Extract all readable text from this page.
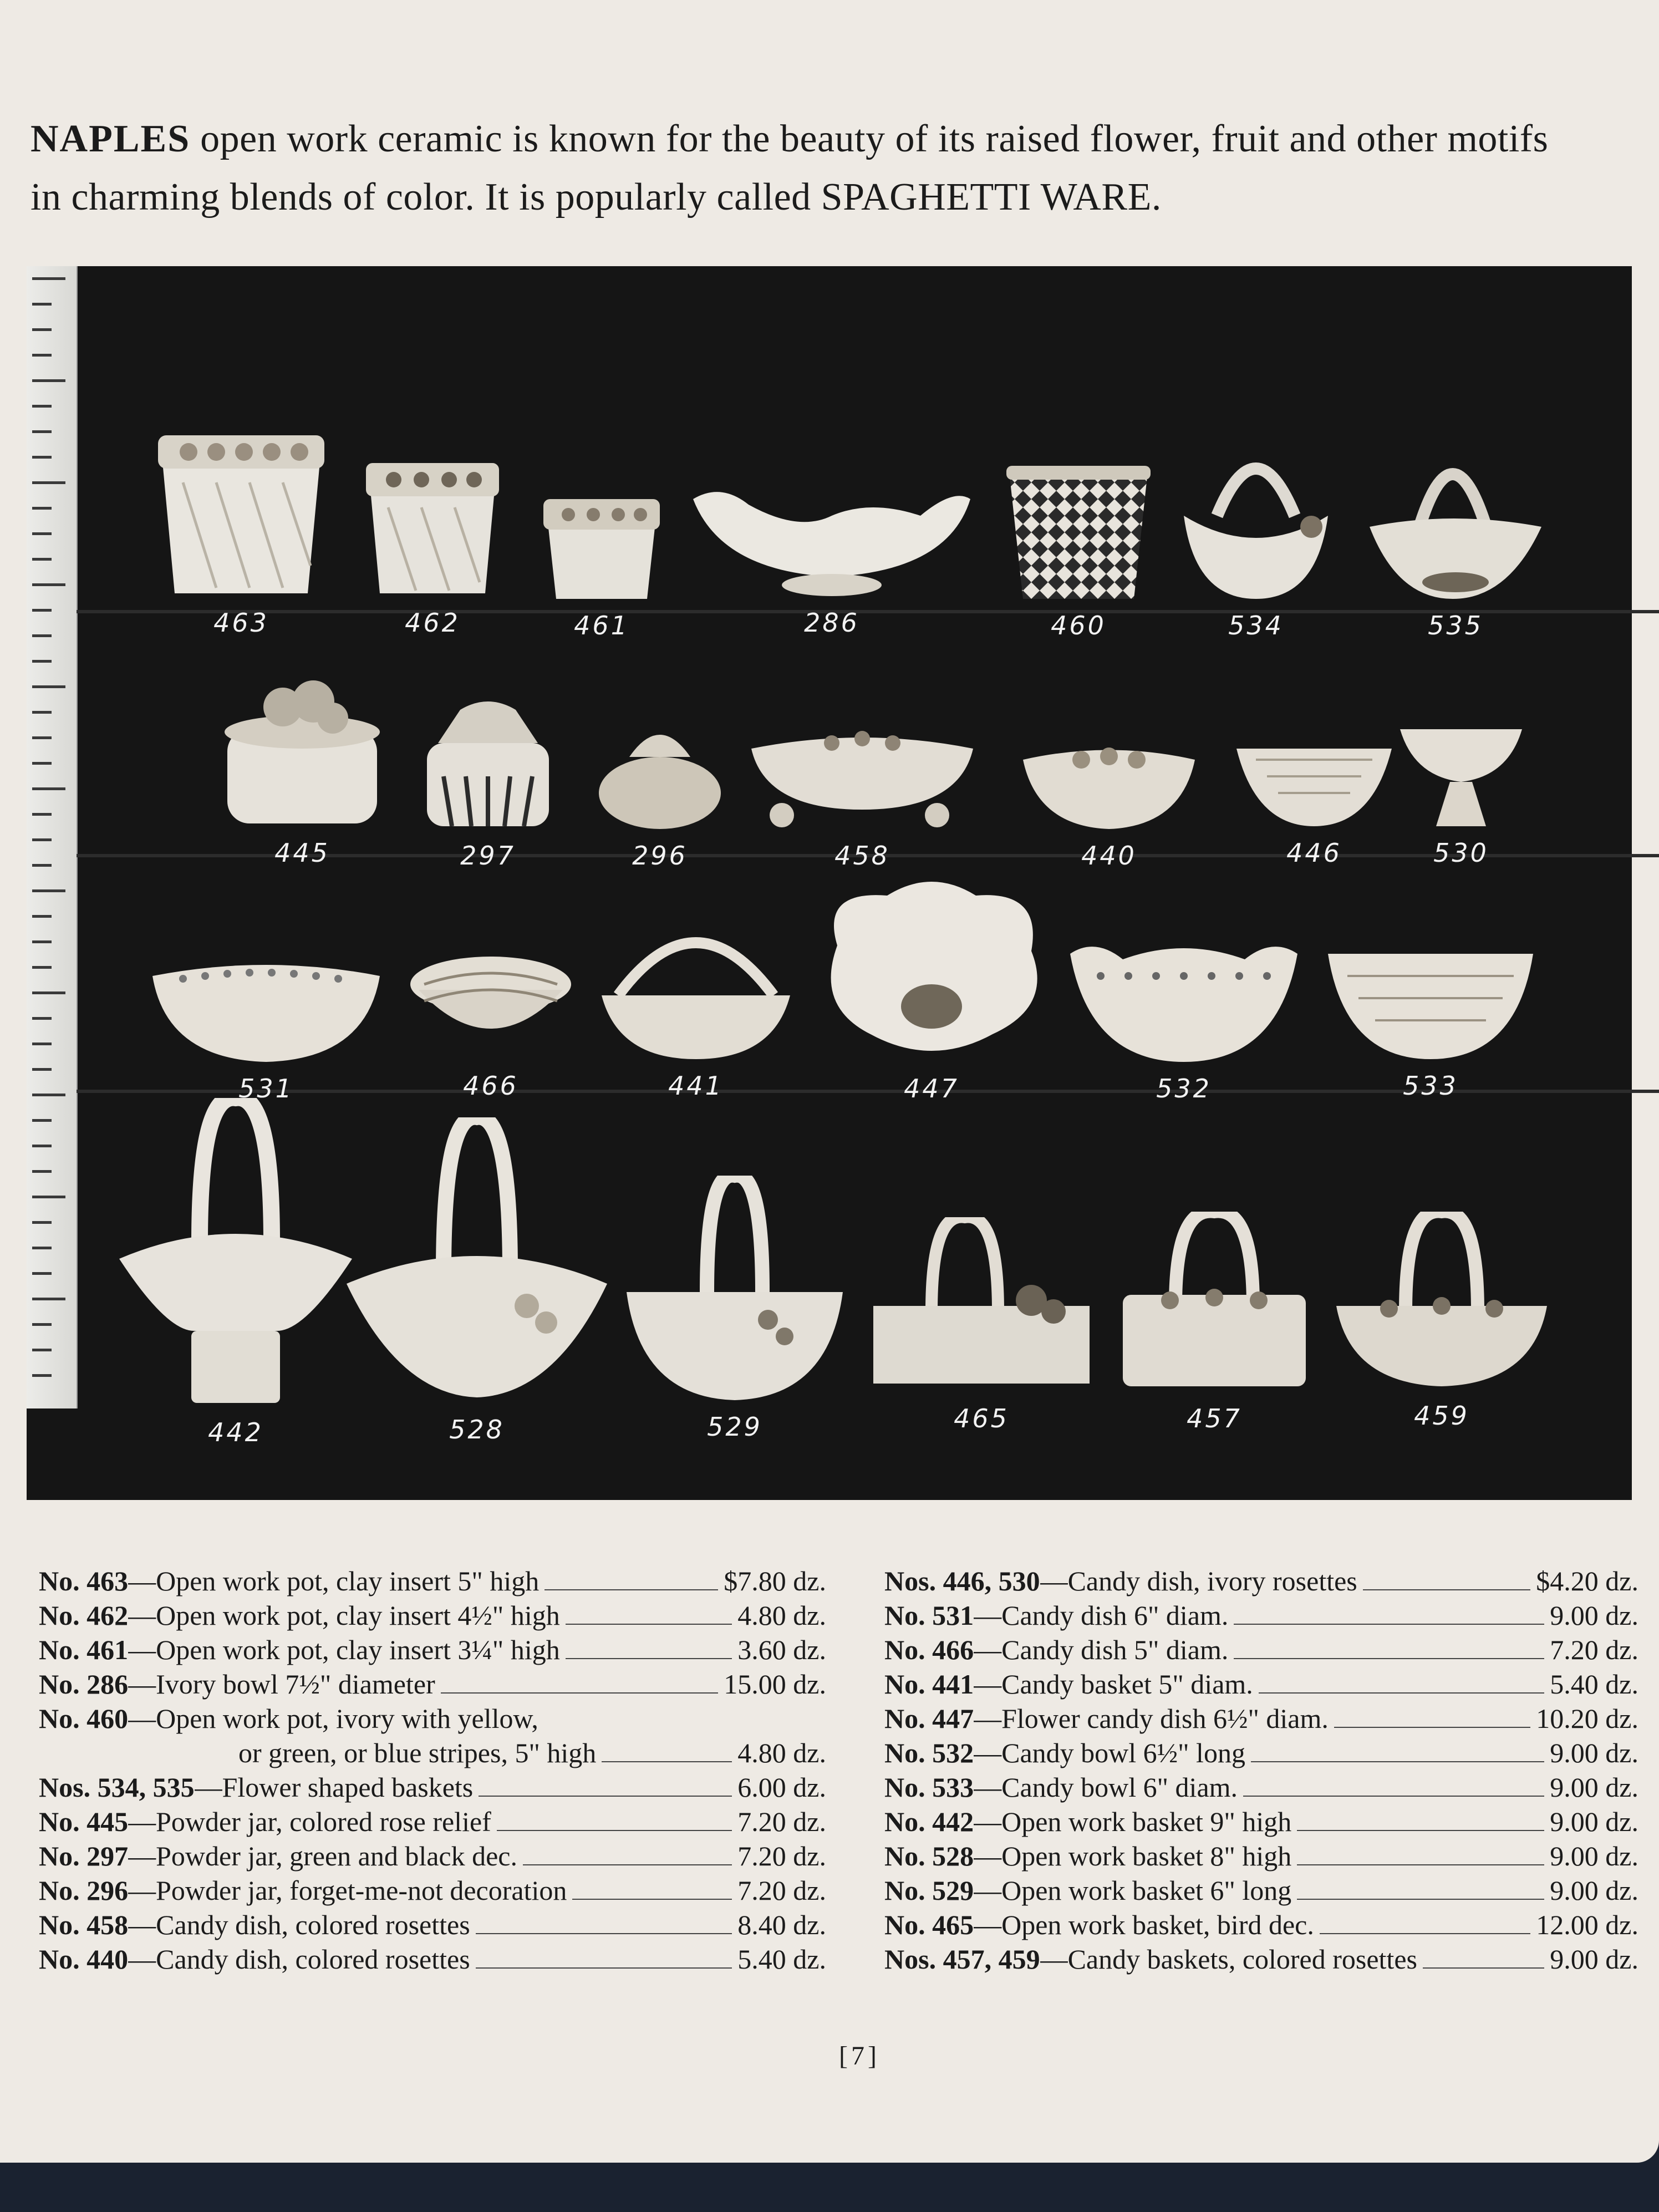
NAPLES open work ceramic is known for the beauty of its raised flower, fruit and other motifs in charming blends of color. It is popularly called SPAGHETTI WARE.

463	462	461	286	460	534	535
445	297	296	458	440	446	530
531	466	441	447	532	533
442	528	529	465	457	459
No. 463 —Open work pot, clay insert 5" high	$7.80 dz.
No. 462 —Open work pot, clay insert 4½" high	4.80 dz.
No. 461 —Open work pot, clay insert 3¼" high	3.60 dz.
No. 286 —Ivory bowl 7½" diameter	15.00 dz.
No. 460 —Open work pot, ivory with yellow,
or green, or blue stripes, 5" high	4.80 dz.
Nos. 534, 535 —Flower shaped baskets	6.00 dz.
No. 445 —Powder jar, colored rose relief	7.20 dz.
No. 297 —Powder jar, green and black dec.	7.20 dz.
No. 296 —Powder jar, forget-me-not decoration	7.20 dz.
No. 458 —Candy dish, colored rosettes	8.40 dz.
No. 440 —Candy dish, colored rosettes	5.40 dz.
Nos. 446, 530 —Candy dish, ivory rosettes	$4.20 dz.
No. 531 —Candy dish 6" diam.	9.00 dz.
No. 466 —Candy dish 5" diam.	7.20 dz.
No. 441 —Candy basket 5" diam.	5.40 dz.
No. 447 —Flower candy dish 6½" diam.	10.20 dz.
No. 532 —Candy bowl 6½" long	9.00 dz.
No. 533 —Candy bowl 6" diam.	9.00 dz.
No. 442 —Open work basket 9" high	9.00 dz.
No. 528 —Open work basket 8" high	9.00 dz.
No. 529 —Open work basket 6" long	9.00 dz.
No. 465 —Open work basket, bird dec.	12.00 dz.
Nos. 457, 459 —Candy baskets, colored rosettes	9.00 dz.
[7]
